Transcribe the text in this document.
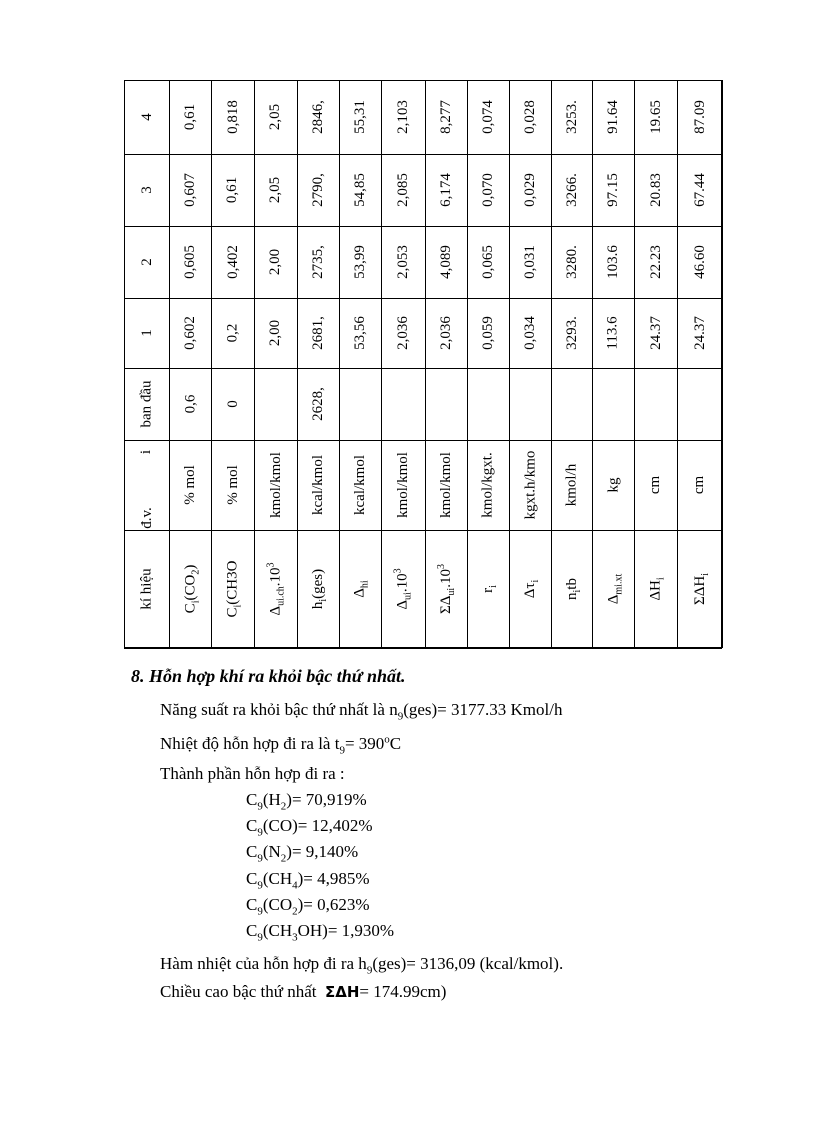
4
3
2
1
ban đầu
i
đ.v.
kí hiệu
0,61
0,607
0,605
0,602
0,6
% mol
$C_i(CO_2)$
0,818
0,61
0,402
0,2
0
% mol
$C_i(CH3O$
2,05
2,05
2,00
2,00
kmol/kmol
$\Delta_{ui.ch}.10^3$
2846,
2790,
2735,
2681,
2628,
kcal/kmol
$h_i(ges)$
55,31
54,85
53,99
53,56
kcal/kmol
$\Delta_{hi}$
2,103
2,085
2,053
2,036
kmol/kmol
$\Delta_{ui}.10^3$
8,277
6,174
4,089
2,036
kmol/kmol
$\Sigma\Delta_{ui}.10^3$
0,074
0,070
0,065
0,059
kmol/kgxt.
$r_i$
0,028
0,029
0,031
0,034
kgxt.h/kmo
$\Delta\tau_i$
3253.
3266.
3280.
3293.
kmol/h
$n_itb$
91.64
97.15
103.6
113.6
kg
$\Delta_{mi.xt}$
19.65
20.83
22.23
24.37
cm
$\Delta H_i$
87.09
67.44
46.60
24.37
cm
$\Sigma\Delta H_i$
8. Hỗn hợp khí ra khỏi bậc thứ nhất.
Năng suất ra khỏi bậc thứ nhất là $n_9(ges)= 3177.33$ Kmol/h
Nhiệt độ hỗn hợp đi ra là $t_9= 390^oC$
Thành phần hỗn hợp đi ra :
$C_9(H_2)= 70,919\%$
$C_9(CO)= 12,402\%$
$C_9(N_2)= 9,140\%$
$C_9(CH_4)= 4,985\%$
$C_9(CO_2)= 0,623\%$
$C_9(CH_3OH)= 1,930\%$
Hàm nhiệt của hỗn hợp đi ra $h_9(ges)= 3136,09$ (kcal/kmol).
Chiều cao bậc thứ nhất ΣΔH= 174.99cm)
